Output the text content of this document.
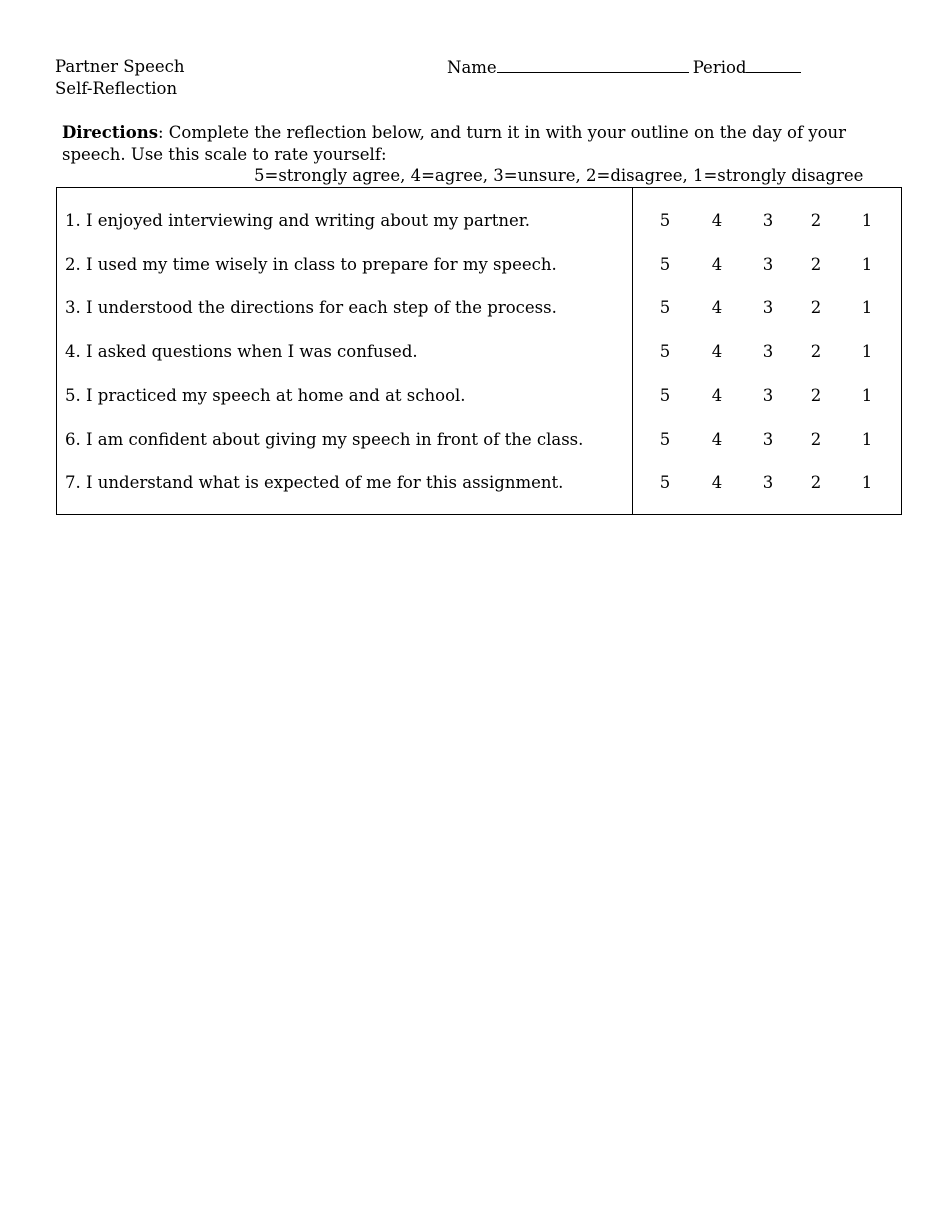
Partner Speech
Self-Reflection
Name	Period
Directions: Complete the reflection below, and turn it in with your outline on the day of your speech. Use this scale to rate yourself:
5=strongly agree, 4=agree, 3=unsure, 2=disagree, 1=strongly disagree
1. I enjoyed interviewing and writing about my partner.	5	4 3 2 1
2. I used my time wisely in class to prepare for my speech.	5	4 3 2 1
3. I understood the directions for each step of the process.	5	4 3 2 1
4. I asked questions when I was confused.	5	4 3 2 1
5. I practiced my speech at home and at school.	5	4 3 2 1
6. I am confident about giving my speech in front of the class.	5	4 3 2 1
7. I understand what is expected of me for this assignment.	5	4 3 2 1
